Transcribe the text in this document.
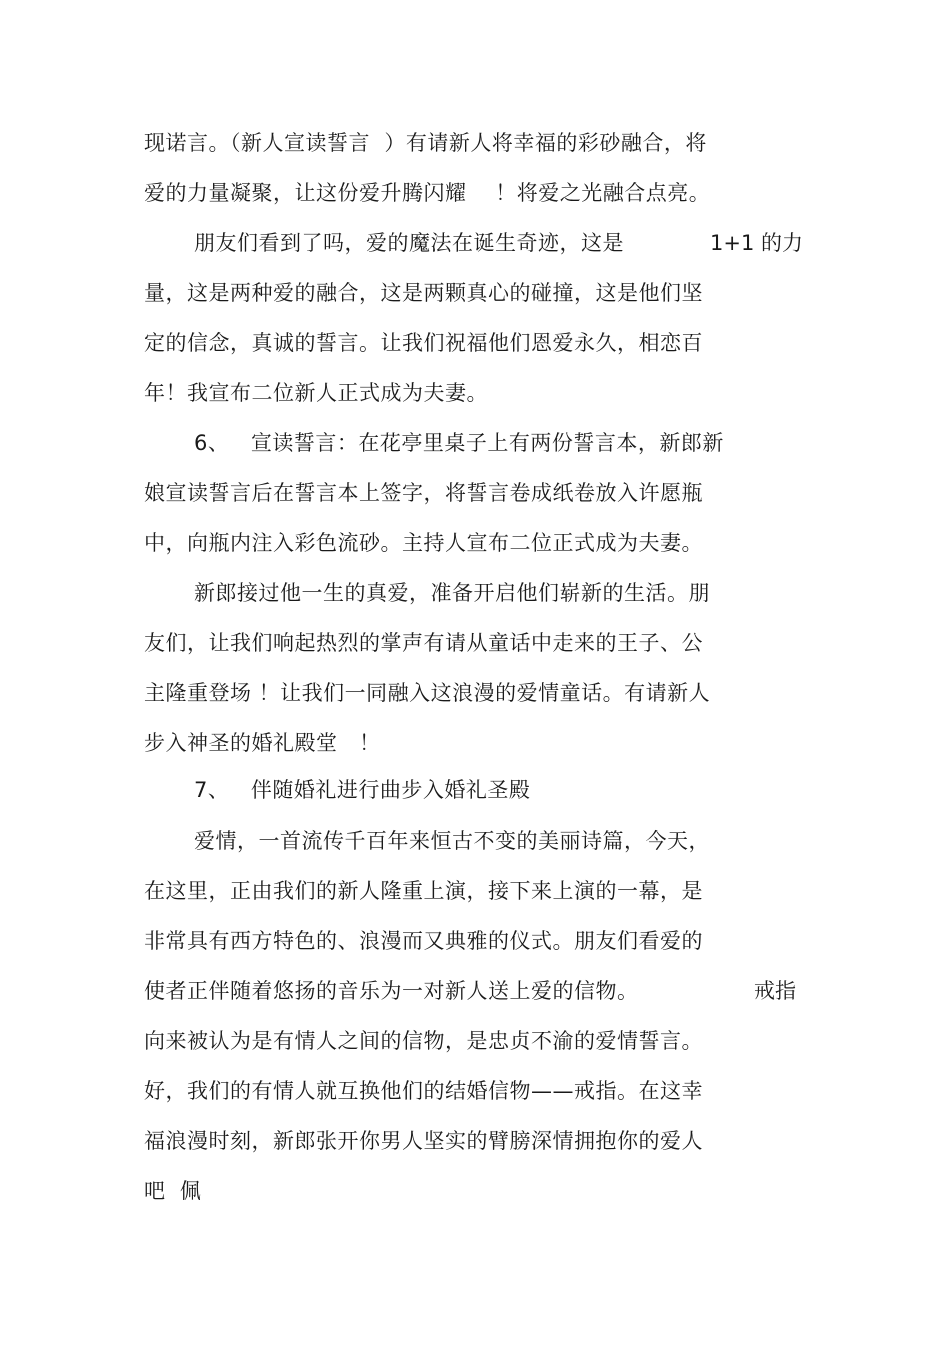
现诺言。（新人宣读誓言  ）有请新人将幸福的彩砂融合，将
爱的力量凝聚，让这份爱升腾闪耀    ！将爱之光融合点亮。
朋友们看到了吗，爱的魔法在诞生奇迹，这是	1+1 的力
量，这是两种爱的融合，这是两颗真心的碰撞，这是他们坚
定的信念，真诚的誓言。让我们祝福他们恩爱永久，相恋百
年！我宣布二位新人正式成为夫妻。
6、   宣读誓言：在花亭里桌子上有两份誓言本，新郎新
娘宣读誓言后在誓言本上签字，将誓言卷成纸卷放入许愿瓶
中，向瓶内注入彩色流砂。主持人宣布二位正式成为夫妻。
新郎接过他一生的真爱，准备开启他们崭新的生活。朋
友们，让我们响起热烈的掌声有请从童话中走来的王子、公
主隆重登场 ！让我们一同融入这浪漫的爱情童话。有请新人
步入神圣的婚礼殿堂   ！
7、   伴随婚礼进行曲步入婚礼圣殿
爱情，一首流传千百年来恒古不变的美丽诗篇，今天，
在这里，正由我们的新人隆重上演，接下来上演的一幕，是
非常具有西方特色的、浪漫而又典雅的仪式。朋友们看爱的
使者正伴随着悠扬的音乐为一对新人送上爱的信物。	戒指
向来被认为是有情人之间的信物，是忠贞不渝的爱情誓言。
好，我们的有情人就互换他们的结婚信物——戒指。在这幸
福浪漫时刻，新郎张开你男人坚实的臂膀深情拥抱你的爱人
吧  佩
